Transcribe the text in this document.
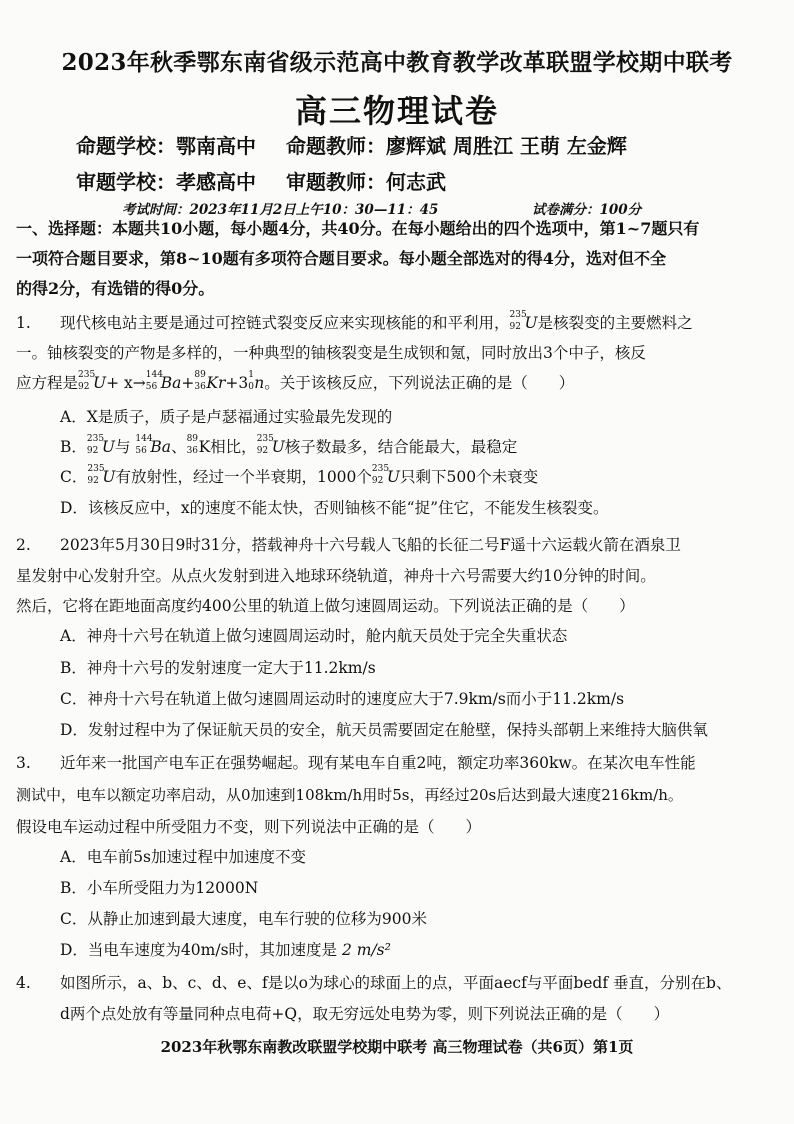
2023年秋季鄂东南省级示范高中教育教学改革联盟学校期中联考
高三物理试卷
命题学校：鄂南高中 命题教师：廖辉斌 周胜江 王萌 左金辉
审题学校：孝感高中 审题教师：何志武
考试时间：2023年11月2日上午10：30—11：45	试卷满分：100分
一、选择题：本题共10小题，每小题4分，共40分。在每小题给出的四个选项中，第1~7题只有
一项符合题目要求，第8~10题有多项符合题目要求。每小题全部选对的得4分，选对但不全
的得2分，有选错的得0分。
1. 现代核电站主要是通过可控链式裂变反应来实现核能的和平利用， 235
92 U是核裂变的主要燃料之
一。铀核裂变的产物是多样的，一种典型的铀核裂变是生成钡和氪，同时放出3个中子，核反
应方程是 235
92 U+ x→ 144
56 Ba+ 89
36 Kr+3 1
0 n。关于该核反应，下列说法正确的是（　　）
A．X是质子，质子是卢瑟福通过实验最先发现的
B． 235
92 U与 144
56 Ba、 89
36 K相比， 235
92 U核子数最多，结合能最大，最稳定
C． 235
92 U有放射性，经过一个半衰期，1000个 235
92 U只剩下500个未衰变
D．该核反应中，x的速度不能太快，否则铀核不能“捉”住它，不能发生核裂变。
2. 2023年5月30日9时31分，搭载神舟十六号载人飞船的长征二号F遥十六运载火箭在酒泉卫
星发射中心发射升空。从点火发射到进入地球环绕轨道，神舟十六号需要大约10分钟的时间。
然后，它将在距地面高度约400公里的轨道上做匀速圆周运动。下列说法正确的是（　　）
A．神舟十六号在轨道上做匀速圆周运动时，舱内航天员处于完全失重状态
B．神舟十六号的发射速度一定大于11.2km/s
C．神舟十六号在轨道上做匀速圆周运动时的速度应大于7.9km/s而小于11.2km/s
D．发射过程中为了保证航天员的安全，航天员需要固定在舱壁，保持头部朝上来维持大脑供氧
3. 近年来一批国产电车正在强势崛起。现有某电车自重2吨，额定功率360kw。在某次电车性能
测试中，电车以额定功率启动，从0加速到108km/h用时5s，再经过20s后达到最大速度216km/h。
假设电车运动过程中所受阻力不变，则下列说法中正确的是（　　）
A．电车前5s加速过程中加速度不变
B．小车所受阻力为12000N
C．从静止加速到最大速度，电车行驶的位移为900米
D．当电车速度为40m/s时，其加速度是 2 m/s²
4. 如图所示，a、b、c、d、e、f是以o为球心的球面上的点，平面aecf与平面bedf 垂直，分别在b、
d两个点处放有等量同种点电荷+Q，取无穷远处电势为零，则下列说法正确的是（　　）
2023年秋鄂东南教改联盟学校期中联考 高三物理试卷（共6页）第1页
